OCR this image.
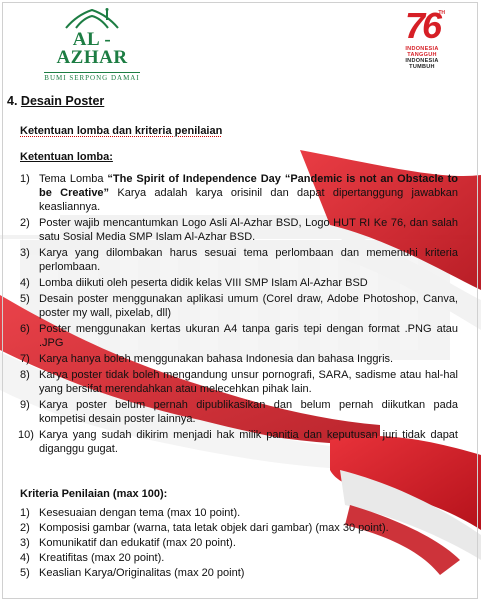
AL - AZHAR
BUMI SERPONG DAMAI
76 TH
INDONESIA
TANGGUH
INDONESIA
TUMBUH
4. Desain Poster
Ketentuan lomba dan kriteria penilaian
Ketentuan lomba:
1) Tema Lomba “The Spirit of Independence Day “Pandemic is not an Obstacle to be Creative” Karya adalah karya orisinil dan dapat dipertanggung jawabkan keasliannya.
2) Poster wajib mencantumkan Logo Asli Al-Azhar BSD, Logo HUT RI Ke 76, dan salah satu Sosial Media SMP Islam Al-Azhar BSD.
3) Karya yang dilombakan harus sesuai tema perlombaan dan memenuhi kriteria perlombaan.
4) Lomba diikuti oleh peserta didik kelas VIII SMP Islam Al-Azhar BSD
5) Desain poster menggunakan aplikasi umum (Corel draw, Adobe Photoshop, Canva, poster my wall, pixelab, dll)
6) Poster menggunakan kertas ukuran A4 tanpa garis tepi dengan format .PNG atau .JPG
7) Karya hanya boleh menggunakan bahasa Indonesia dan bahasa Inggris.
8) Karya poster tidak boleh mengandung unsur pornografi, SARA, sadisme atau hal-hal yang bersifat merendahkan atau melecehkan pihak lain.
9) Karya poster belum pernah dipublikasikan dan belum pernah diikutkan pada kompetisi desain poster lainnya.
10) Karya yang sudah dikirim menjadi hak milik panitia dan keputusan juri tidak dapat diganggu gugat.
Kriteria Penilaian (max 100):
1) Kesesuaian dengan tema (max 10 point).
2) Komposisi gambar (warna, tata letak objek dari gambar) (max 30 point).
3) Komunikatif dan edukatif (max 20 point).
4) Kreatifitas (max 20 point).
5) Keaslian Karya/Originalitas (max 20 point)
